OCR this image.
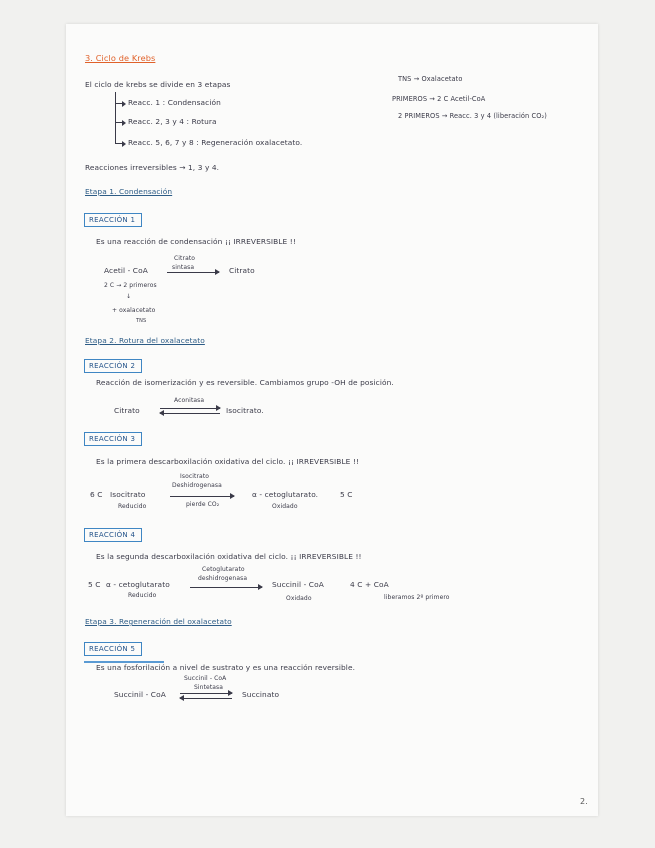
3. Ciclo de Krebs
El ciclo de krebs se divide en 3 etapas
Reacc. 1 : Condensación
Reacc. 2, 3 y 4 : Rotura
Reacc. 5, 6, 7 y 8 : Regeneración oxalacetato.
TNS → Oxalacetato
PRIMEROS → 2 C Acetil-CoA
2 PRIMEROS → Reacc. 3 y 4 (liberación CO₂)
Reacciones irreversibles → 1, 3 y 4.
Etapa 1. Condensación
REACCIÓN 1
Es una reacción de condensación ¡¡ IRREVERSIBLE !!
Acetil - CoA
Citrato
sintasa → Citrato
2 C → 2 primeros
↓
+ oxalacetato
TNS
Etapa 2. Rotura del oxalacetato
REACCIÓN 2
Reacción de isomerización y es reversible. Cambiamos grupo -OH de posición.
Citrato
Aconitasa
Isocitrato.
REACCIÓN 3
Es la primera descarboxilación oxidativa del ciclo. ¡¡ IRREVERSIBLE !!
6 C Isocitrato
Reducido
Isocitrato
Deshidrogenasa
pierde CO₂
α - cetoglutarato.
Oxidado
5 C
REACCIÓN 4
Es la segunda descarboxilación oxidativa del ciclo. ¡¡ IRREVERSIBLE !!
5 C α - cetoglutarato
Reducido
Cetoglutarato
deshidrogenasa
Succinil - CoA
Oxidado
4 C + CoA
liberamos 2º primero
Etapa 3. Regeneración del oxalacetato
REACCIÓN 5
Es una fosforilación a nivel de sustrato y es una reacción reversible.
Succinil - CoA
Sintetasa
Succinil - CoA	Succinato
2.
